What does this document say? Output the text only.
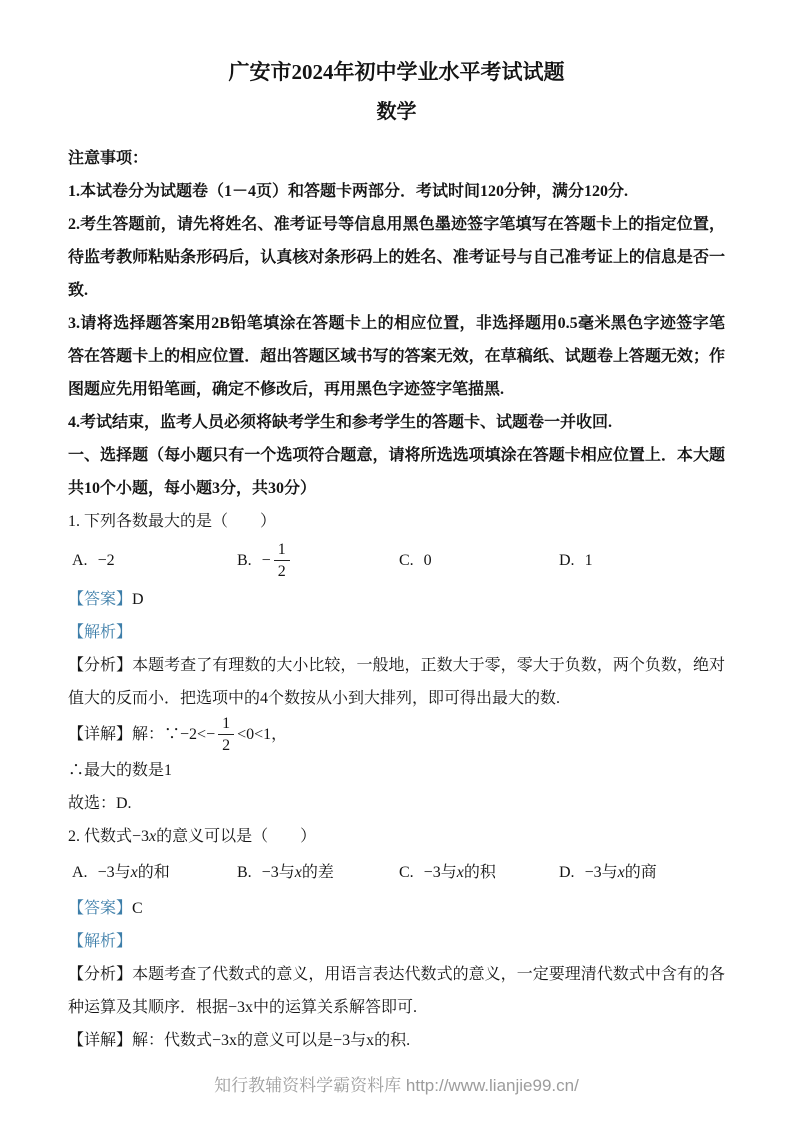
广安市2024年初中学业水平考试试题
数学

注意事项：

1.本试卷分为试题卷（1－4页）和答题卡两部分．考试时间120分钟，满分120分.

2.考生答题前，请先将姓名、准考证号等信息用黑色墨迹签字笔填写在答题卡上的指定位置，待监考教师粘贴条形码后，认真核对条形码上的姓名、准考证号与自己准考证上的信息是否一致.

3.请将选择题答案用2B铅笔填涂在答题卡上的相应位置，非选择题用0.5毫米黑色字迹签字笔答在答题卡上的相应位置．超出答题区域书写的答案无效，在草稿纸、试题卷上答题无效；作图题应先用铅笔画，确定不修改后，再用黑色字迹签字笔描黑.

4.考试结束，监考人员必须将缺考学生和参考学生的答题卡、试题卷一并收回.

一、选择题（每小题只有一个选项符合题意，请将所选选项填涂在答题卡相应位置上．本大题共10个小题，每小题3分，共30分）

1. 下列各数最大的是（　　）

A. −2	B. − $\frac{1}{2}$	C. 0	D. 1

【答案】D

【解析】

【分析】本题考查了有理数的大小比较，一般地，正数大于零，零大于负数，两个负数，绝对值大的反而小．把选项中的4个数按从小到大排列，即可得出最大的数.

【详解】 解：∵ $-2<- \frac{1}{2} <0<1$，

∴最大的数是1

故选：D.

2. 代数式−3x的意义可以是（　　）

A. −3 与 x 的和	B. −3 与 x 的差	C. −3 与 x 的积	D. −3 与 x 的商

【答案】C

【解析】

【分析】本题考查了代数式的意义，用语言表达代数式的意义，一定要理清代数式中含有的各种运算及其顺序．根据−3x中的运算关系解答即可.

【详解】解：代数式−3x的意义可以是−3与x的积.

知行教辅资料学霸资料库 http://www.lianjie99.cn/
